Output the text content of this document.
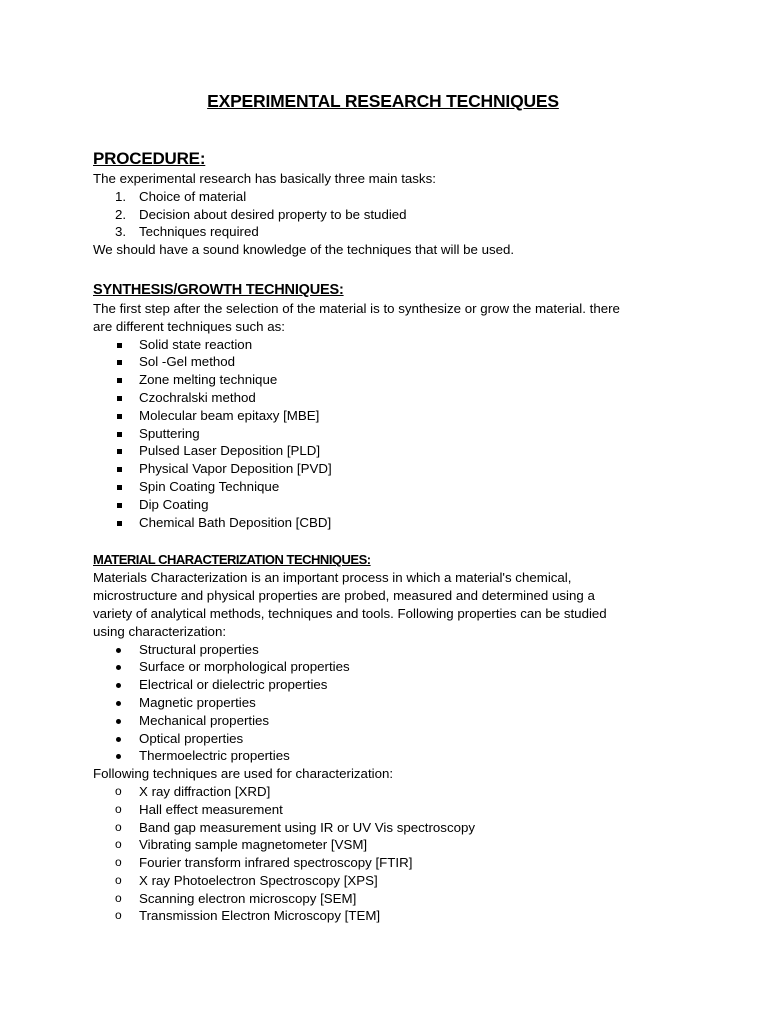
EXPERIMENTAL RESEARCH TECHNIQUES
PROCEDURE:

The experimental research has basically three main tasks:

1. Choice of material
2. Decision about desired property to be studied
3. Techniques required

We should have a sound knowledge of the techniques that will be used.

SYNTHESIS/GROWTH TECHNIQUES:

The first step after the selection of the material is to synthesize or grow the material. there

are different techniques such as:

Solid state reaction
Sol -Gel method
Zone melting technique
Czochralski method
Molecular beam epitaxy [MBE]
Sputtering
Pulsed Laser Deposition [PLD]
Physical Vapor Deposition [PVD]
Spin Coating Technique
Dip Coating
Chemical Bath Deposition [CBD]
MATERIAL CHARACTERIZATION TECHNIQUES:

Materials Characterization is an important process in which a material's chemical,

microstructure and physical properties are probed, measured and determined using a

variety of analytical methods, techniques and tools. Following properties can be studied

using characterization:

Structural properties
Surface or morphological properties
Electrical or dielectric properties
Magnetic properties
Mechanical properties
Optical properties
Thermoelectric properties

Following techniques are used for characterization:

o	X ray diffraction [XRD]
o	Hall effect measurement
o	Band gap measurement using IR or UV Vis spectroscopy
o	Vibrating sample magnetometer [VSM]
o	Fourier transform infrared spectroscopy [FTIR]
o	X ray Photoelectron Spectroscopy [XPS]
o	Scanning electron microscopy [SEM]
o	Transmission Electron Microscopy [TEM]
